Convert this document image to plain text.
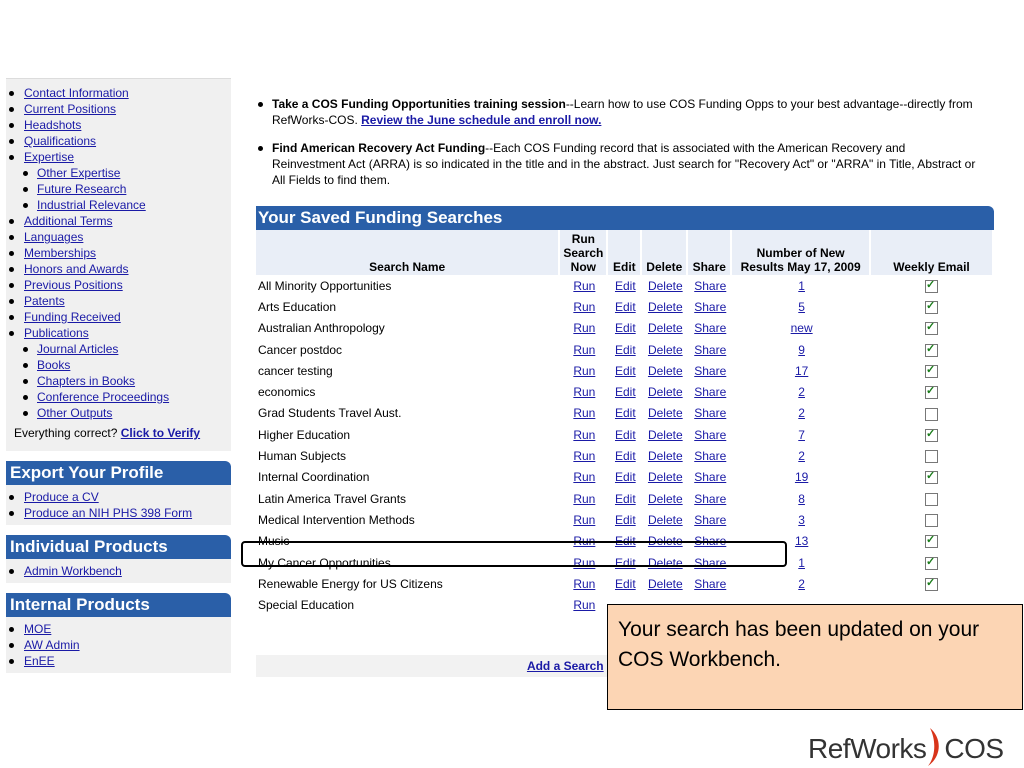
Contact Information
Current Positions
Headshots
Qualifications
Expertise
Other Expertise
Future Research
Industrial Relevance
Additional Terms
Languages
Memberships
Honors and Awards
Previous Positions
Patents
Funding Received
Publications
Journal Articles
Books
Chapters in Books
Conference Proceedings
Other Outputs
Everything correct? Click to Verify
Export Your Profile
Produce a CV
Produce an NIH PHS 398 Form
Individual Products
Admin Workbench
Internal Products
MOE
AW Admin
EnEE
Take a COS Funding Opportunities training session--Learn how to use COS Funding Opps to your best advantage--directly from RefWorks-COS. Review the June schedule and enroll now.
Find American Recovery Act Funding--Each COS Funding record that is associated with the American Recovery and Reinvestment Act (ARRA) is so indicated in the title and in the abstract. Just search for "Recovery Act" or "ARRA" in Title, Abstract or All Fields to find them.
Your Saved Funding Searches
Search Name	Run Search Now	Edit	Delete	Share	Number of New Results May 17, 2009	Weekly Email
All Minority Opportunities	Run	Edit	Delete	Share	1	✓
Arts Education	Run	Edit	Delete	Share	5	✓
Australian Anthropology	Run	Edit	Delete	Share	new	✓
Cancer postdoc	Run	Edit	Delete	Share	9	✓
cancer testing	Run	Edit	Delete	Share	17	✓
economics	Run	Edit	Delete	Share	2	✓
Grad Students Travel Aust.	Run	Edit	Delete	Share	2	
Higher Education	Run	Edit	Delete	Share	7	✓
Human Subjects	Run	Edit	Delete	Share	2	
Internal Coordination	Run	Edit	Delete	Share	19	✓
Latin America Travel Grants	Run	Edit	Delete	Share	8	
Medical Intervention Methods	Run	Edit	Delete	Share	3	
Music	Run	Edit	Delete	Share	13	✓
My Cancer Opportunities	Run	Edit	Delete	Share	1	✓
Renewable Energy for US Citizens	Run	Edit	Delete	Share	2	✓
Special Education	Run					
Add a Search
Your search has been updated on your COS Workbench.
RefWorks COS
